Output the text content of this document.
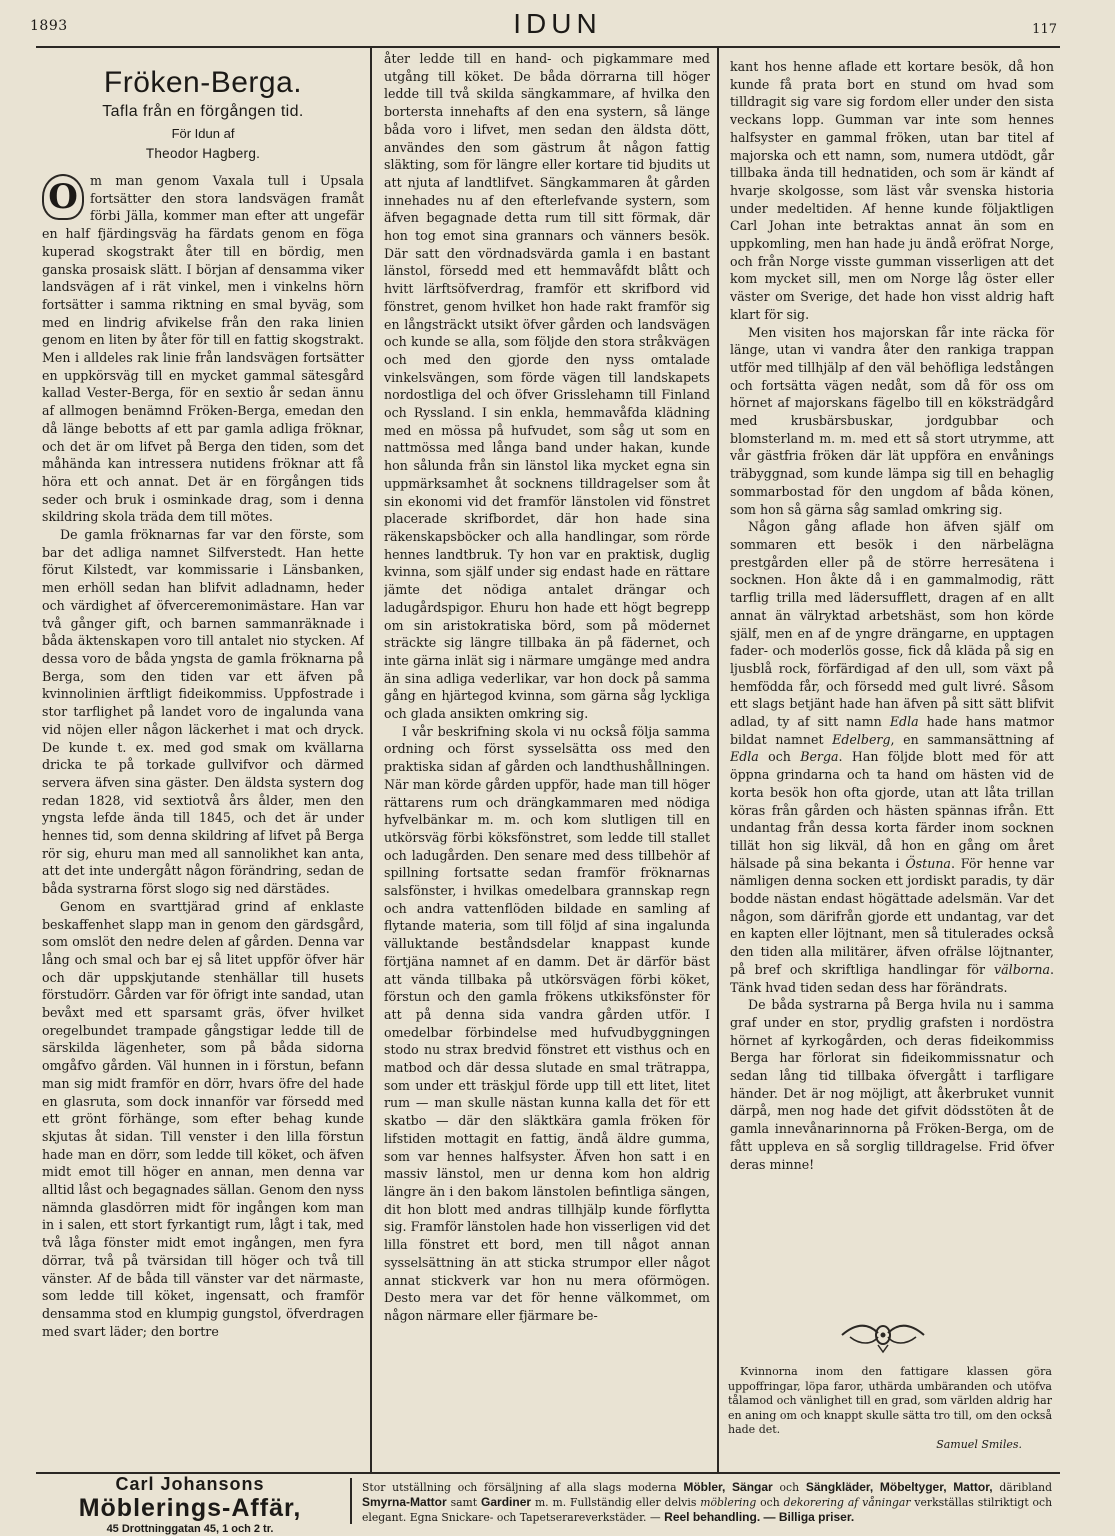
1893	IDUN	117
Fröken-Berga.
Tafla från en förgången tid.
För Idun af
Theodor Hagberg.
O m man genom Vaxala tull i Upsala fortsätter den stora landsvägen framåt förbi Jälla, kommer man efter att ungefär en half fjärdingsväg ha färdats genom en föga kuperad skogstrakt åter till en bördig, men ganska prosaisk slätt. I början af densamma viker landsvägen af i rät vinkel, men i vinkelns hörn fortsätter i samma riktning en smal byväg, som med en lindrig afvikelse från den raka linien genom en liten by åter för till en fattig skogstrakt. Men i alldeles rak linie från landsvägen fortsätter en uppkörsväg till en mycket gammal sätesgård kallad Vester-Berga, för en sextio år sedan ännu af allmogen benämnd Fröken-Berga, emedan den då länge bebotts af ett par gamla adliga fröknar, och det är om lifvet på Berga den tiden, som det måhända kan intressera nutidens fröknar att få höra ett och annat. Det är en förgången tids seder och bruk i osminkade drag, som i denna skildring skola träda dem till mötes.

De gamla fröknarnas far var den förste, som bar det adliga namnet Silfverstedt. Han hette förut Kilstedt, var kommissarie i Länsbanken, men erhöll sedan han blifvit adladnamn, heder och värdighet af öfverceremonimästare. Han var två gånger gift, och barnen sammanräknade i båda äktenskapen voro till antalet nio stycken. Af dessa voro de båda yngsta de gamla fröknarna på Berga, som den tiden var ett äfven på kvinnolinien ärftligt fideikommiss. Uppfostrade i stor tarflighet på landet voro de ingalunda vana vid nöjen eller någon läckerhet i mat och dryck. De kunde t. ex. med god smak om kvällarna dricka te på torkade gullvifvor och därmed servera äfven sina gäster. Den äldsta systern dog redan 1828, vid sextiotvå års ålder, men den yngsta lefde ända till 1845, och det är under hennes tid, som denna skildring af lifvet på Berga rör sig, ehuru man med all sannolikhet kan anta, att det inte undergått någon förändring, sedan de båda systrarna först slogo sig ned därstädes.

Genom en svarttjärad grind af enklaste beskaffenhet slapp man in genom den gärdsgård, som omslöt den nedre delen af gården. Denna var lång och smal och bar ej så litet uppför öfver här och där uppskjutande stenhällar till husets förstudörr. Gården var för öfrigt inte sandad, utan bevåxt med ett sparsamt gräs, öfver hvilket oregelbundet trampade gångstigar ledde till de särskilda lägenheter, som på båda sidorna omgåfvo gården. Väl hunnen in i förstun, befann man sig midt framför en dörr, hvars öfre del hade en glasruta, som dock innanför var försedd med ett grönt förhänge, som efter behag kunde skjutas åt sidan. Till venster i den lilla förstun hade man en dörr, som ledde till köket, och äfven midt emot till höger en annan, men denna var alltid låst och begagnades sällan. Genom den nyss nämnda glasdörren midt för ingången kom man in i salen, ett stort fyrkantigt rum, lågt i tak, med två låga fönster midt emot ingången, men fyra dörrar, två på tvärsidan till höger och två till vänster. Af de båda till vänster var det närmaste, som ledde till köket, ingensatt, och framför densamma stod en klumpig gungstol, öfverdragen med svart läder; den bortre

åter ledde till en hand- och pigkammare med utgång till köket. De båda dörrarna till höger ledde till två skilda sängkammare, af hvilka den bortersta innehafts af den ena systern, så länge båda voro i lifvet, men sedan den äldsta dött, användes den som gästrum åt någon fattig släkting, som för längre eller kortare tid bjudits ut att njuta af landtlifvet. Sängkammaren åt gården innehades nu af den efterlefvande systern, som äfven begagnade detta rum till sitt förmak, där hon tog emot sina grannars och vänners besök. Där satt den vördnadsvärda gamla i en bastant länstol, försedd med ett hemmavåfdt blått och hvitt lärftsöfverdrag, framför ett skrifbord vid fönstret, genom hvilket hon hade rakt framför sig en långsträckt utsikt öfver gården och landsvägen och kunde se alla, som följde den stora stråkvägen och med den gjorde den nyss omtalade vinkelsvängen, som förde vägen till landskapets nordostliga del och öfver Grisslehamn till Finland och Ryssland. I sin enkla, hemmavåfda klädning med en mössa på hufvudet, som såg ut som en nattmössa med långa band under hakan, kunde hon sålunda från sin länstol lika mycket egna sin uppmärksamhet åt socknens tilldragelser som åt sin ekonomi vid det framför länstolen vid fönstret placerade skrifbordet, där hon hade sina räkenskapsböcker och alla handlingar, som rörde hennes landtbruk. Ty hon var en praktisk, duglig kvinna, som själf under sig endast hade en rättare jämte det nödiga antalet drängar och ladugårdspigor. Ehuru hon hade ett högt begrepp om sin aristokratiska börd, som på mödernet sträckte sig längre tillbaka än på fädernet, och inte gärna inlät sig i närmare umgänge med andra än sina adliga vederlikar, var hon dock på samma gång en hjärtegod kvinna, som gärna såg lyckliga och glada ansikten omkring sig.

I vår beskrifning skola vi nu också följa samma ordning och först sysselsätta oss med den praktiska sidan af gården och landthushållningen. När man körde gården uppför, hade man till höger rättarens rum och drängkammaren med nödiga hyfvelbänkar m. m. och kom slutligen till en utkörsväg förbi köksfönstret, som ledde till stallet och ladugården. Den senare med dess tillbehör af spillning fortsatte sedan framför fröknarnas salsfönster, i hvilkas omedelbara grannskap regn och andra vattenflöden bildade en samling af flytande materia, som till följd af sina ingalunda välluktande beståndsdelar knappast kunde förtjäna namnet af en damm. Det är därför bäst att vända tillbaka på utkörsvägen förbi köket, förstun och den gamla frökens utkiksfönster för att på denna sida vandra gården utför. I omedelbar förbindelse med hufvudbyggningen stodo nu strax bredvid fönstret ett visthus och en matbod och där dessa slutade en smal trätrappa, som under ett träskjul förde upp till ett litet, litet rum — man skulle nästan kunna kalla det för ett skatbo — där den släktkära gamla fröken för lifstiden mottagit en fattig, ändå äldre gumma, som var hennes halfsyster. Äfven hon satt i en massiv länstol, men ur denna kom hon aldrig längre än i den bakom länstolen befintliga sängen, dit hon blott med andras tillhjälp kunde förflytta sig. Framför länstolen hade hon visserligen vid det lilla fönstret ett bord, men till något annan sysselsättning än att sticka strumpor eller något annat stickverk var hon nu mera oförmögen. Desto mera var det för henne välkommet, om någon närmare eller fjärmare be-

kant hos henne aflade ett kortare besök, då hon kunde få prata bort en stund om hvad som tilldragit sig vare sig fordom eller under den sista veckans lopp. Gumman var inte som hennes halfsyster en gammal fröken, utan bar titel af majorska och ett namn, som, numera utdödt, går tillbaka ända till hednatiden, och som är kändt af hvarje skolgosse, som läst vår svenska historia under medeltiden. Af henne kunde följaktligen Carl Johan inte betraktas annat än som en uppkomling, men han hade ju ändå eröfrat Norge, och från Norge visste gumman visserligen att det kom mycket sill, men om Norge låg öster eller väster om Sverige, det hade hon visst aldrig haft klart för sig.

Men visiten hos majorskan får inte räcka för länge, utan vi vandra åter den rankiga trappan utför med tillhjälp af den väl behöfliga ledstången och fortsätta vägen nedåt, som då för oss om hörnet af majorskans fägelbo till en köksträdgård med krusbärsbuskar, jordgubbar och blomsterland m. m. med ett så stort utrymme, att vår gästfria fröken där lät uppföra en envånings träbyggnad, som kunde lämpa sig till en behaglig sommarbostad för den ungdom af båda könen, som hon så gärna såg samlad omkring sig.

Någon gång aflade hon äfven själf om sommaren ett besök i den närbelägna prestgården eller på de större herresätena i socknen. Hon åkte då i en gammalmodig, rätt tarflig trilla med lädersufflett, dragen af en allt annat än välryktad arbetshäst, som hon körde själf, men en af de yngre drängarne, en upptagen fader- och moderlös gosse, fick då kläda på sig en ljusblå rock, förfärdigad af den ull, som växt på hemfödda får, och försedd med gult livré. Såsom ett slags betjänt hade han äfven på sitt sätt blifvit adlad, ty af sitt namn Edla hade hans matmor bildat namnet Edelberg, en sammansättning af Edla och Berga. Han följde blott med för att öppna grindarna och ta hand om hästen vid de korta besök hon ofta gjorde, utan att låta trillan köras från gården och hästen spännas ifrån. Ett undantag från dessa korta färder inom socknen tillät hon sig likväl, då hon en gång om året hälsade på sina bekanta i Östuna. För henne var nämligen denna socken ett jordiskt paradis, ty där bodde nästan endast högättade adelsmän. Var det någon, som därifrån gjorde ett undantag, var det en kapten eller löjtnant, men så titulerades också den tiden alla militärer, äfven ofrälse löjtnanter, på bref och skriftliga handlingar för välborna. Tänk hvad tiden sedan dess har förändrats.

De båda systrarna på Berga hvila nu i samma graf under en stor, prydlig grafsten i nordöstra hörnet af kyrkogården, och deras fideikommiss Berga har förlorat sin fideikommissnatur och sedan lång tid tillbaka öfvergått i tarfligare händer. Det är nog möjligt, att åkerbruket vunnit därpå, men nog hade det gifvit dödsstöten åt de gamla innevånarinnorna på Fröken-Berga, om de fått uppleva en så sorglig tilldragelse. Frid öfver deras minne!

Kvinnorna inom den fattigare klassen göra uppoffringar, löpa faror, uthärda umbäranden och utöfva tålamod och vänlighet till en grad, som världen aldrig har en aning om och knappt skulle sätta tro till, om den också hade det.
Samuel Smiles.
Carl Johansons
Möblerings-Affär,
45 Drottninggatan 45, 1 och 2 tr.
Stor utställning och försäljning af alla slags moderna Möbler, Sängar och Sängkläder, Möbeltyger, Mattor, däribland Smyrna-Mattor samt Gardiner m. m. Fullständig eller delvis möblering och dekorering af våningar verkställas stilriktigt och elegant. Egna Snickare- och Tapetserareverkstäder. — Reel behandling. — Billiga priser.
